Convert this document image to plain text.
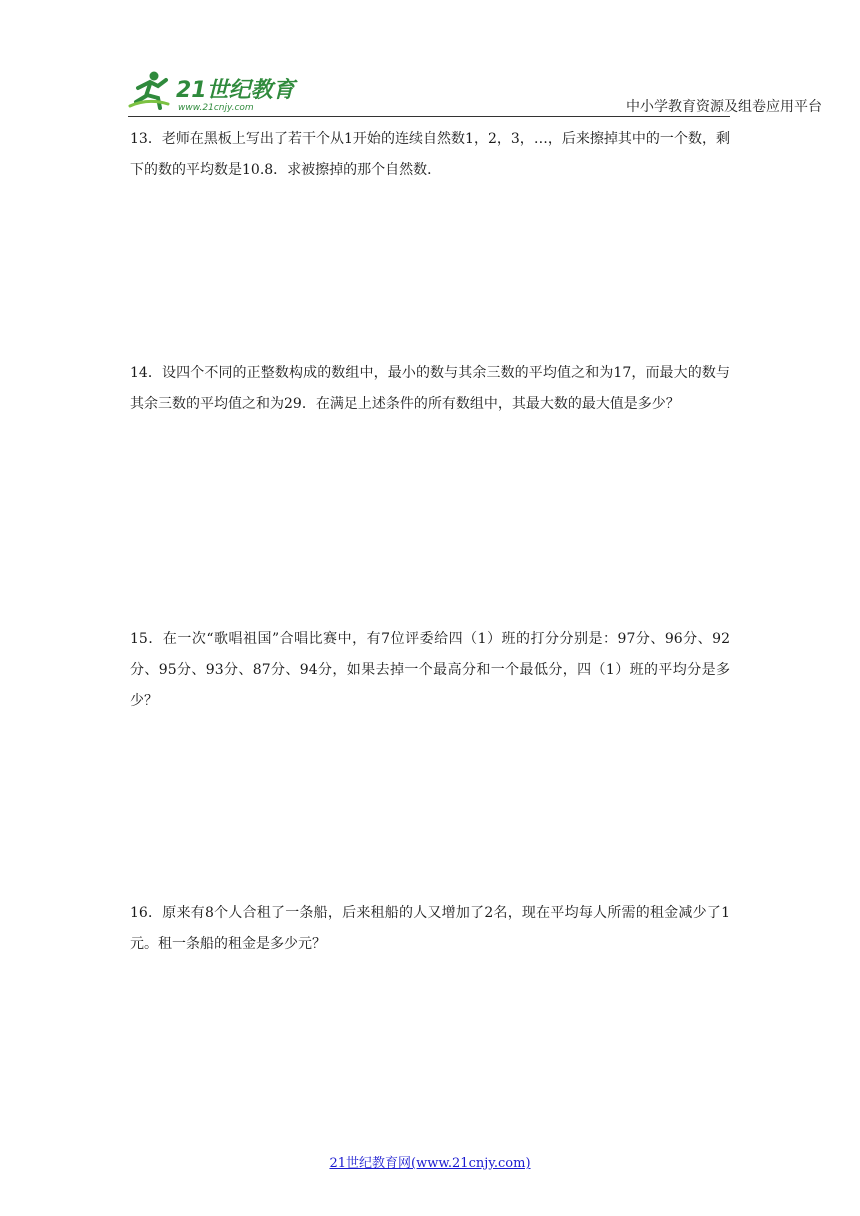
21世纪教育
www.21cnjy.com	中小学教育资源及组卷应用平台

13．老师在黑板上写出了若干个从1开始的连续自然数1，2，3，…，后来擦掉其中的一个数，剩下的数的平均数是10.8．求被擦掉的那个自然数．

14．设四个不同的正整数构成的数组中，最小的数与其余三数的平均值之和为17，而最大的数与其余三数的平均值之和为29．在满足上述条件的所有数组中，其最大数的最大值是多少？

15．在一次“歌唱祖国”合唱比赛中，有7位评委给四（1）班的打分分别是：97分、96分、92分、95分、93分、87分、94分，如果去掉一个最高分和一个最低分，四（1）班的平均分是多少？

16．原来有8个人合租了一条船，后来租船的人又增加了2名，现在平均每人所需的租金减少了1元。租一条船的租金是多少元？

21世纪教育网(www.21cnjy.com)
